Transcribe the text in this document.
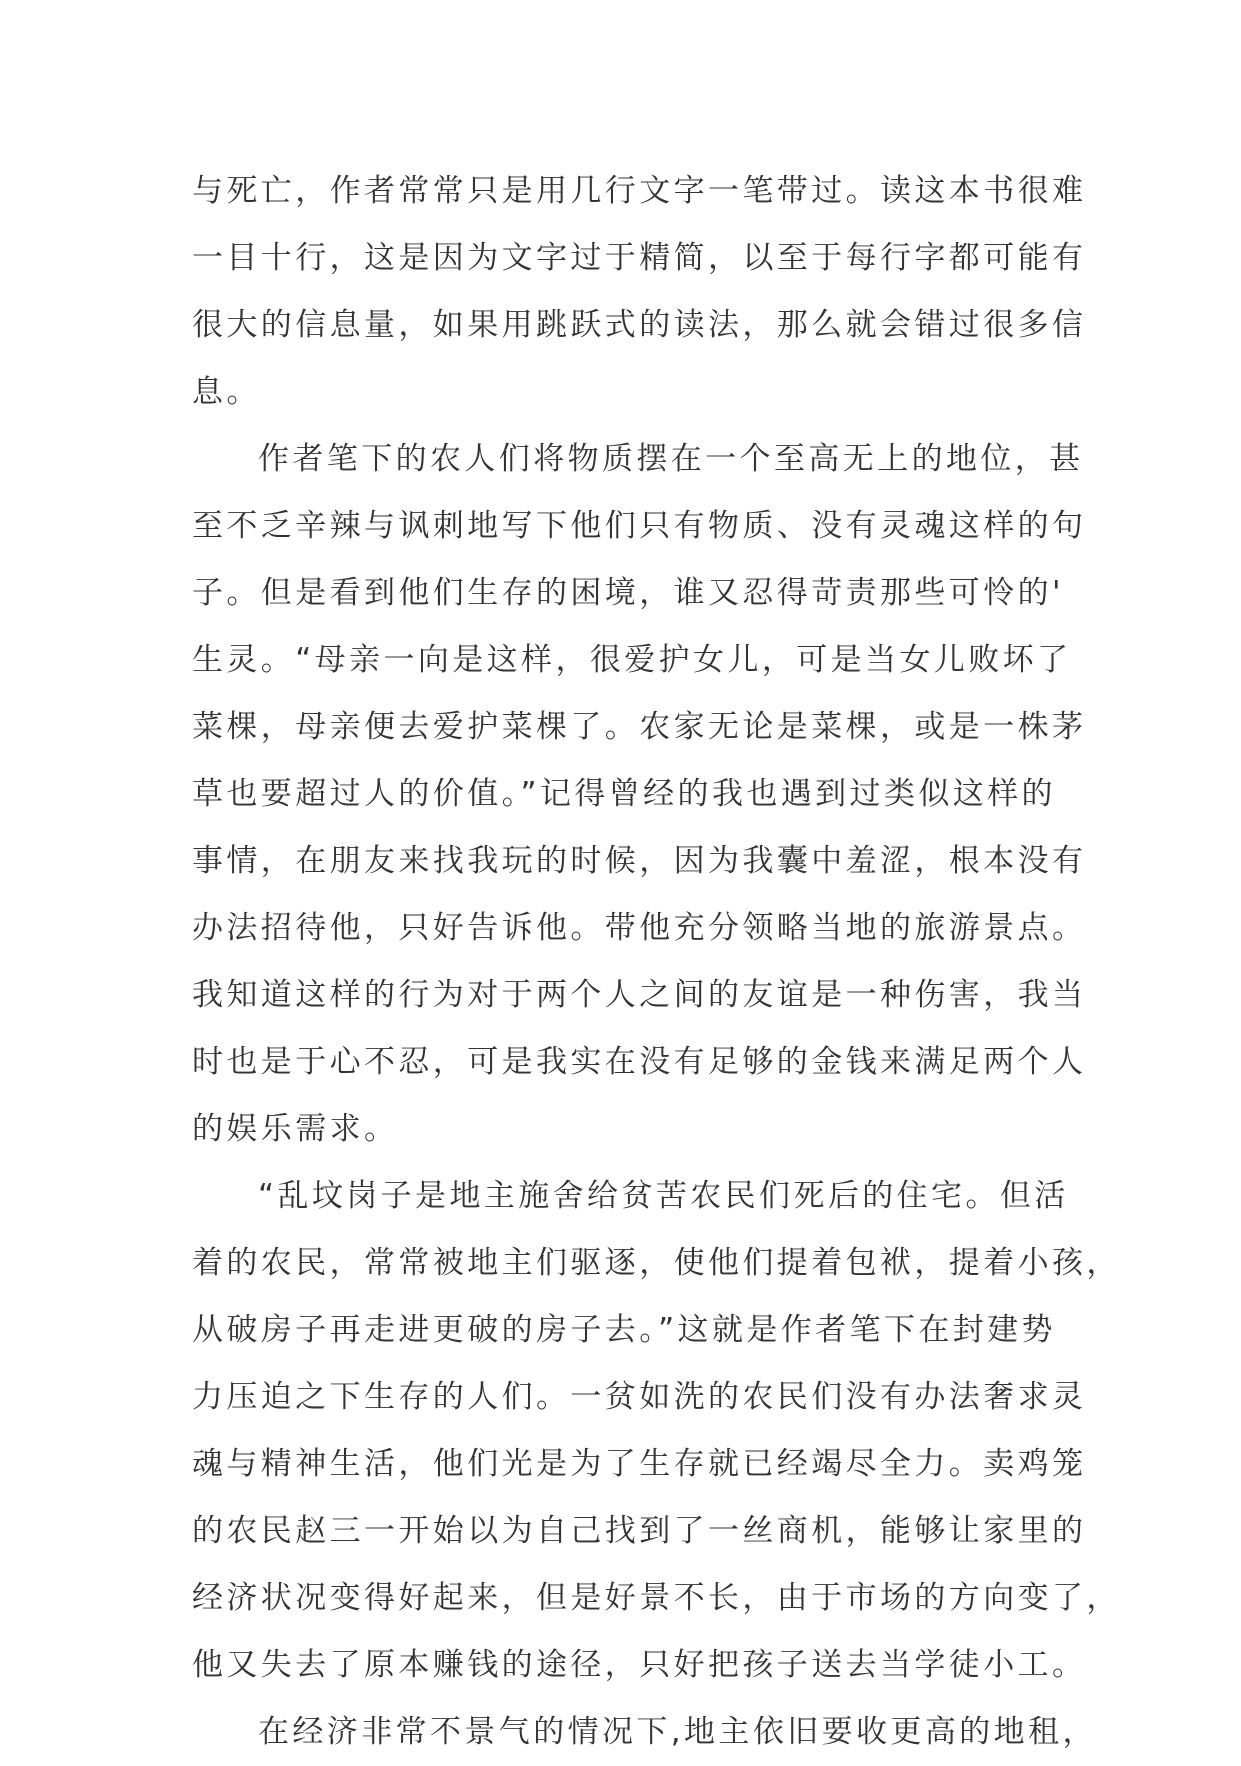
与死亡，作者常常只是用几行文字一笔带过。读这本书很难
一目十行，这是因为文字过于精简，以至于每行字都可能有
很大的信息量，如果用跳跃式的读法，那么就会错过很多信
息。
作者笔下的农人们将物质摆在一个至高无上的地位，甚
至不乏辛辣与讽刺地写下他们只有物质、没有灵魂这样的句
子。但是看到他们生存的困境，谁又忍得苛责那些可怜的'
生灵。“母亲一向是这样，很爱护女儿，可是当女儿败坏了
菜棵，母亲便去爱护菜棵了。农家无论是菜棵，或是一株茅
草也要超过人的价值。”记得曾经的我也遇到过类似这样的
事情，在朋友来找我玩的时候，因为我囊中羞涩，根本没有
办法招待他，只好告诉他。带他充分领略当地的旅游景点。
我知道这样的行为对于两个人之间的友谊是一种伤害，我当
时也是于心不忍，可是我实在没有足够的金钱来满足两个人
的娱乐需求。
“乱坟岗子是地主施舍给贫苦农民们死后的住宅。但活
着的农民，常常被地主们驱逐，使他们提着包袱，提着小孩，
从破房子再走进更破的房子去。”这就是作者笔下在封建势
力压迫之下生存的人们。一贫如洗的农民们没有办法奢求灵
魂与精神生活，他们光是为了生存就已经竭尽全力。卖鸡笼
的农民赵三一开始以为自己找到了一丝商机，能够让家里的
经济状况变得好起来，但是好景不长，由于市场的方向变了，
他又失去了原本赚钱的途径，只好把孩子送去当学徒小工。
在经济非常不景气的情况下,地主依旧要收更高的地租，
